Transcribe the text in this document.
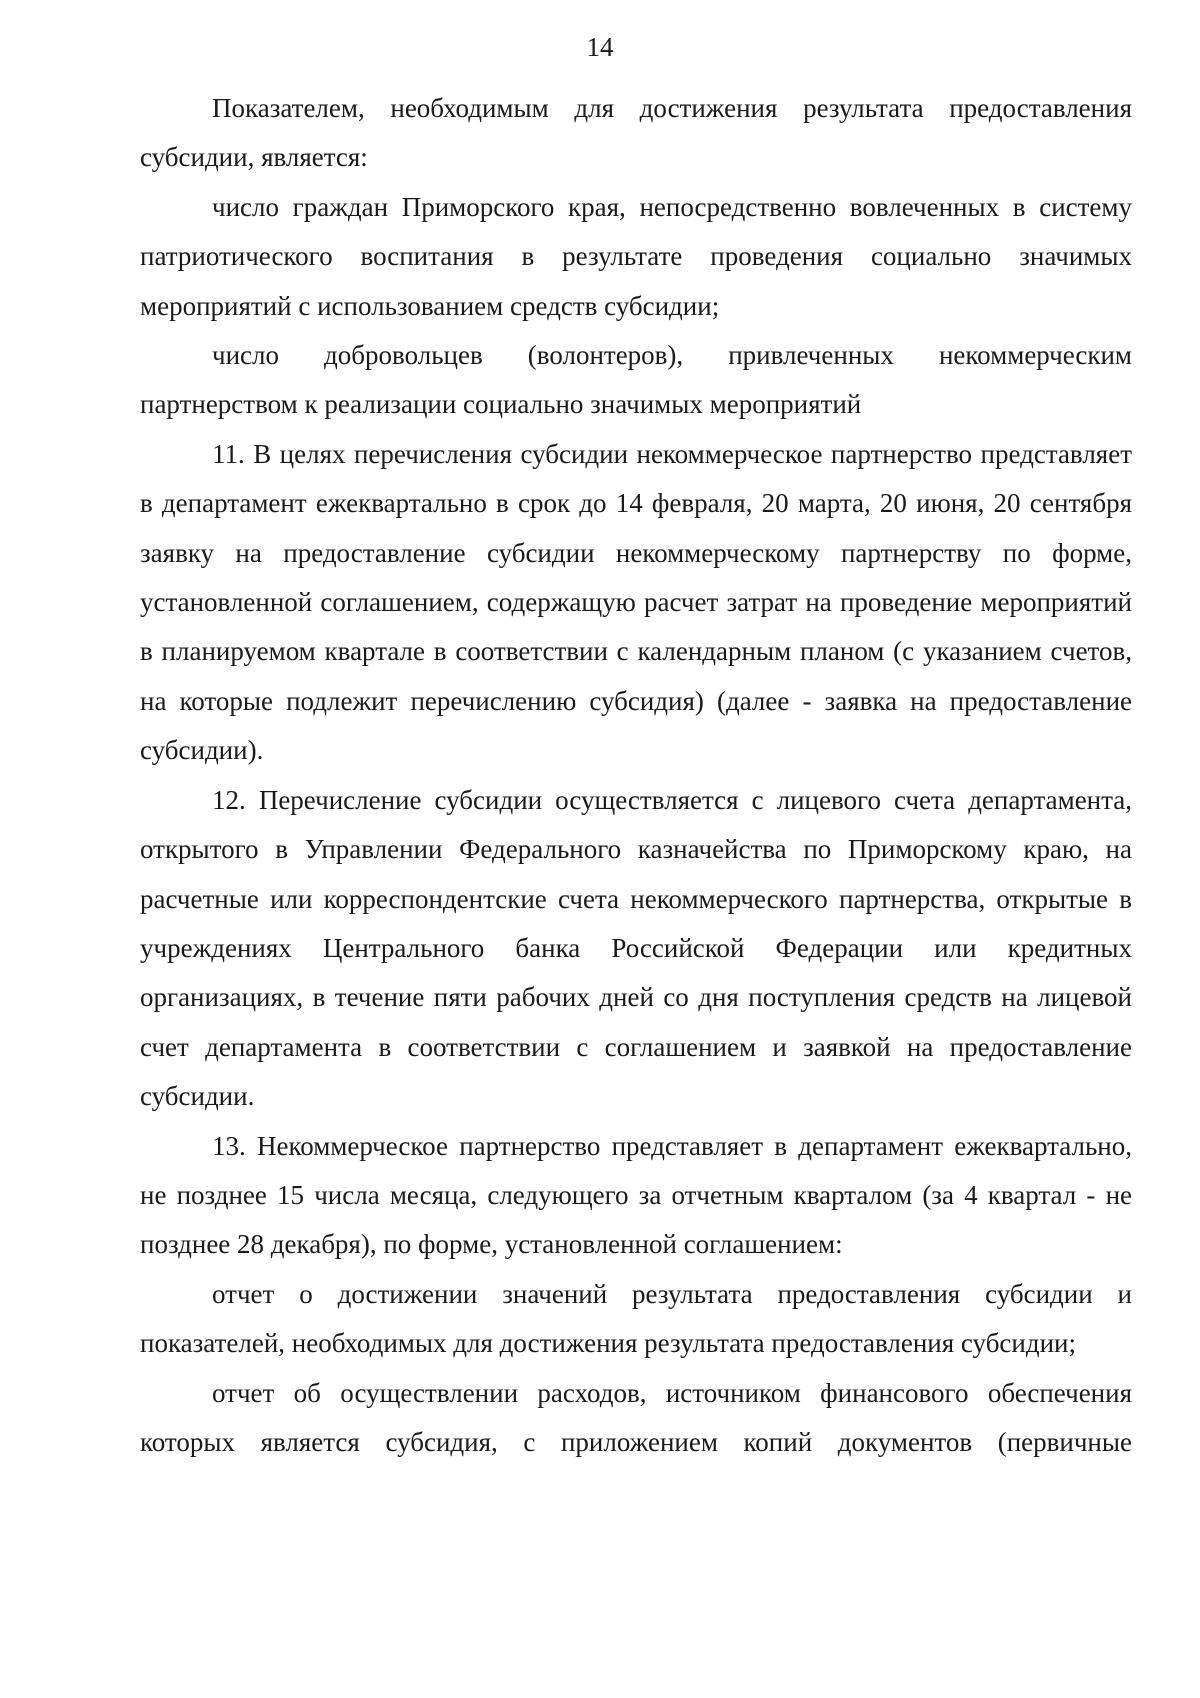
14

Показателем, необходимым для достижения результата предоставления субсидии, является:

число граждан Приморского края, непосредственно вовлеченных в систему патриотического воспитания в результате проведения социально значимых мероприятий с использованием средств субсидии;

число добровольцев (волонтеров), привлеченных некоммерческим партнерством к реализации социально значимых мероприятий

11. В целях перечисления субсидии некоммерческое партнерство представляет в департамент ежеквартально в срок до 14 февраля, 20 марта, 20 июня, 20 сентября заявку на предоставление субсидии некоммерческому партнерству по форме, установленной соглашением, содержащую расчет затрат на проведение мероприятий в планируемом квартале в соответствии с календарным планом (с указанием счетов, на которые подлежит перечислению субсидия) (далее - заявка на предоставление субсидии).

12. Перечисление субсидии осуществляется с лицевого счета департамента, открытого в Управлении Федерального казначейства по Приморскому краю, на расчетные или корреспондентские счета некоммерческого партнерства, открытые в учреждениях Центрального банка Российской Федерации или кредитных организациях, в течение пяти рабочих дней со дня поступления средств на лицевой счет департамента в соответствии с соглашением и заявкой на предоставление субсидии.

13. Некоммерческое партнерство представляет в департамент ежеквартально, не позднее 15 числа месяца, следующего за отчетным кварталом (за 4 квартал - не позднее 28 декабря), по форме, установленной соглашением:

отчет о достижении значений результата предоставления субсидии и показателей, необходимых для достижения результата предоставления субсидии;

отчет об осуществлении расходов, источником финансового обеспечения которых является субсидия, с приложением копий документов (первичные
